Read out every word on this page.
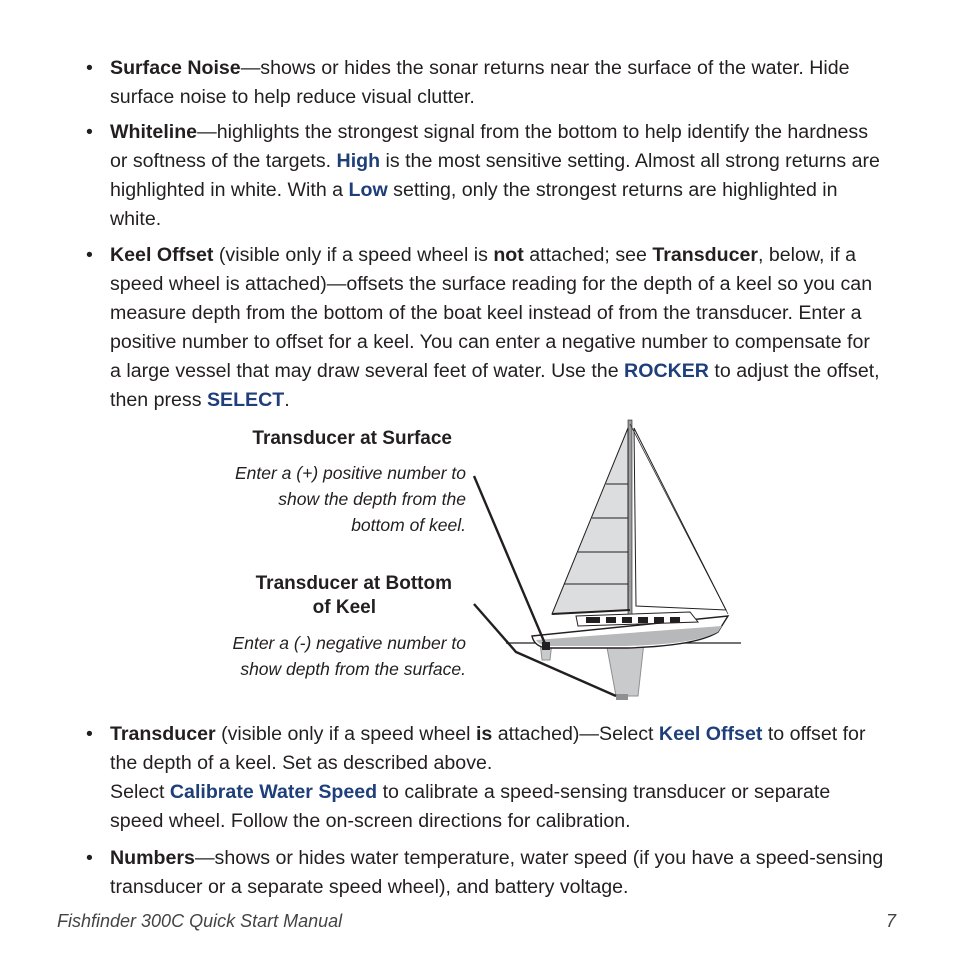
• Surface Noise—shows or hides the sonar returns near the surface of the water. Hide surface noise to help reduce visual clutter.
• Whiteline—highlights the strongest signal from the bottom to help identify the hardness or softness of the targets. High is the most sensitive setting. Almost all strong returns are highlighted in white. With a Low setting, only the strongest returns are highlighted in white.
• Keel Offset (visible only if a speed wheel is not attached; see Transducer, below, if a speed wheel is attached)—offsets the surface reading for the depth of a keel so you can measure depth from the bottom of the boat keel instead of from the transducer. Enter a positive number to offset for a keel. You can enter a negative number to compensate for a large vessel that may draw several feet of water. Use the ROCKER to adjust the offset, then press SELECT.
Transducer at Surface
Enter a (+) positive number to show the depth from the bottom of keel.
Transducer at Bottom
of Keel
Enter a (-) negative number to show depth from the surface.
• Transducer (visible only if a speed wheel is attached)—Select Keel Offset to offset for the depth of a keel. Set as described above.
Select Calibrate Water Speed to calibrate a speed-sensing transducer or separate speed wheel. Follow the on-screen directions for calibration.
• Numbers—shows or hides water temperature, water speed (if you have a speed-sensing transducer or a separate speed wheel), and battery voltage.
Fishfinder 300C Quick Start Manual	7
